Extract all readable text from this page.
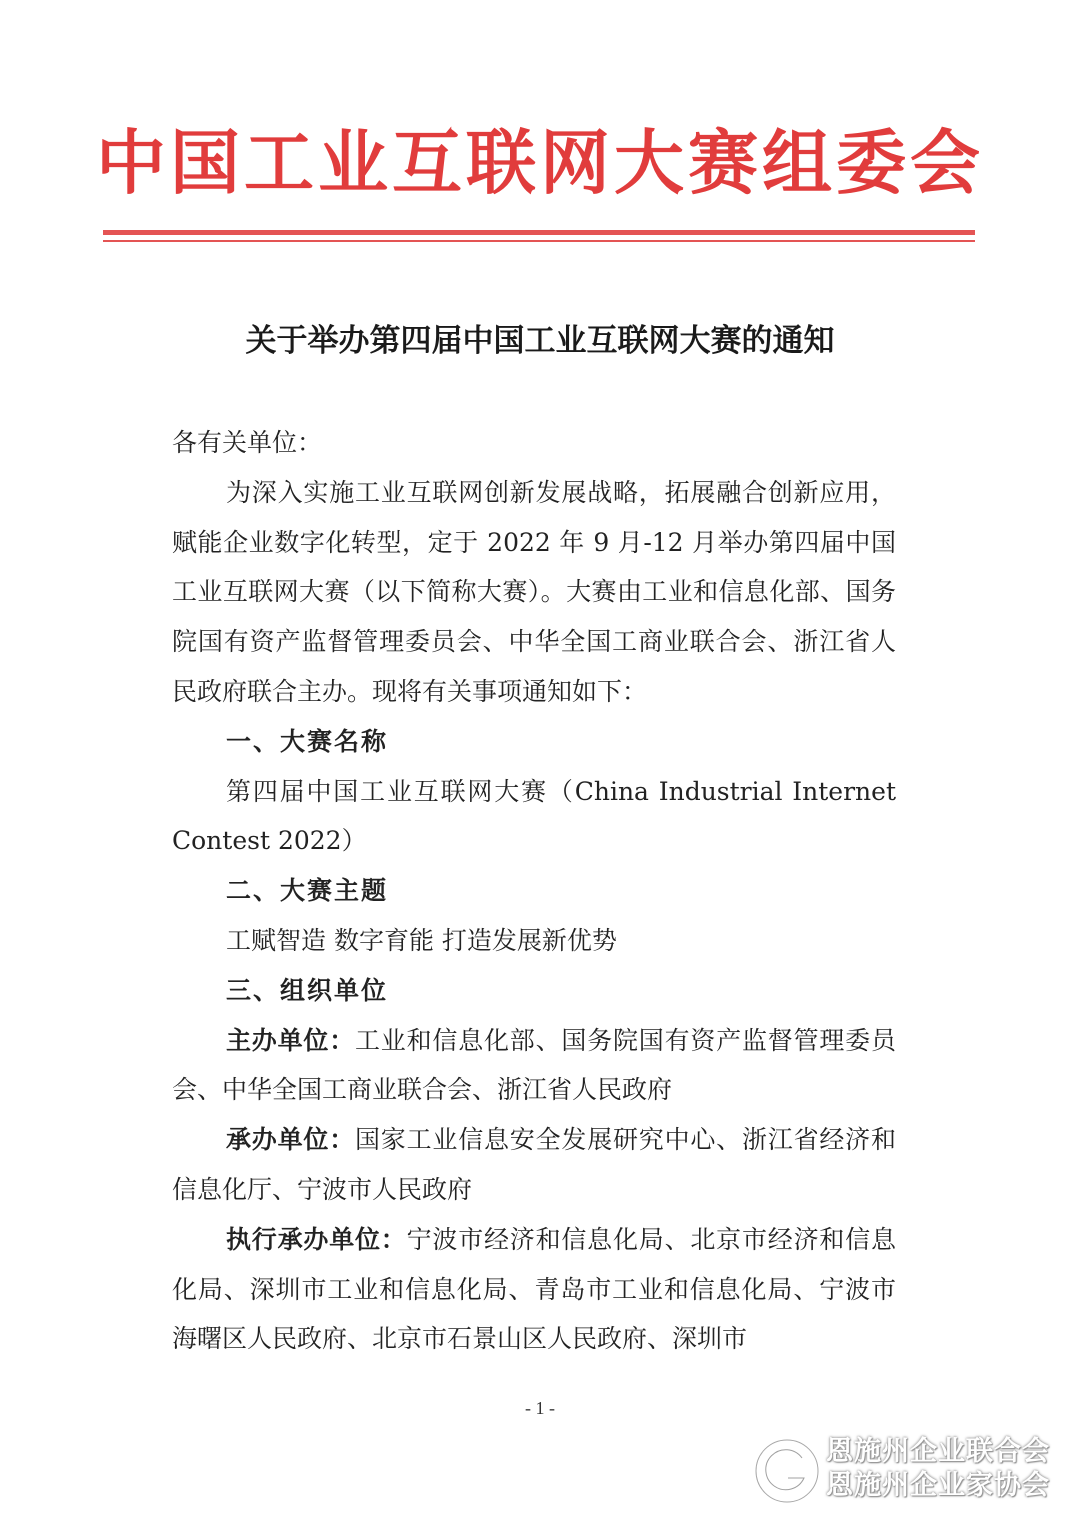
中国工业互联网大赛组委会
关于举办第四届中国工业互联网大赛的通知

各有关单位：

为深入实施工业互联网创新发展战略，拓展融合创新应用，赋能企业数字化转型，定于 2022 年 9 月-12 月举办第四届中国工业互联网大赛（以下简称大赛）。大赛由工业和信息化部、国务院国有资产监督管理委员会、中华全国工商业联合会、浙江省人民政府联合主办。现将有关事项通知如下：

一、大赛名称

第四届中国工业互联网大赛（China Industrial Internet Contest 2022）

二、大赛主题

工赋智造 数字育能 打造发展新优势

三、组织单位

主办单位：工业和信息化部、国务院国有资产监督管理委员会、中华全国工商业联合会、浙江省人民政府

承办单位：国家工业信息安全发展研究中心、浙江省经济和信息化厅、宁波市人民政府

执行承办单位：宁波市经济和信息化局、北京市经济和信息化局、深圳市工业和信息化局、青岛市工业和信息化局、宁波市海曙区人民政府、北京市石景山区人民政府、深圳市

- 1 -
恩施州企业联合会
恩施州企业家协会
